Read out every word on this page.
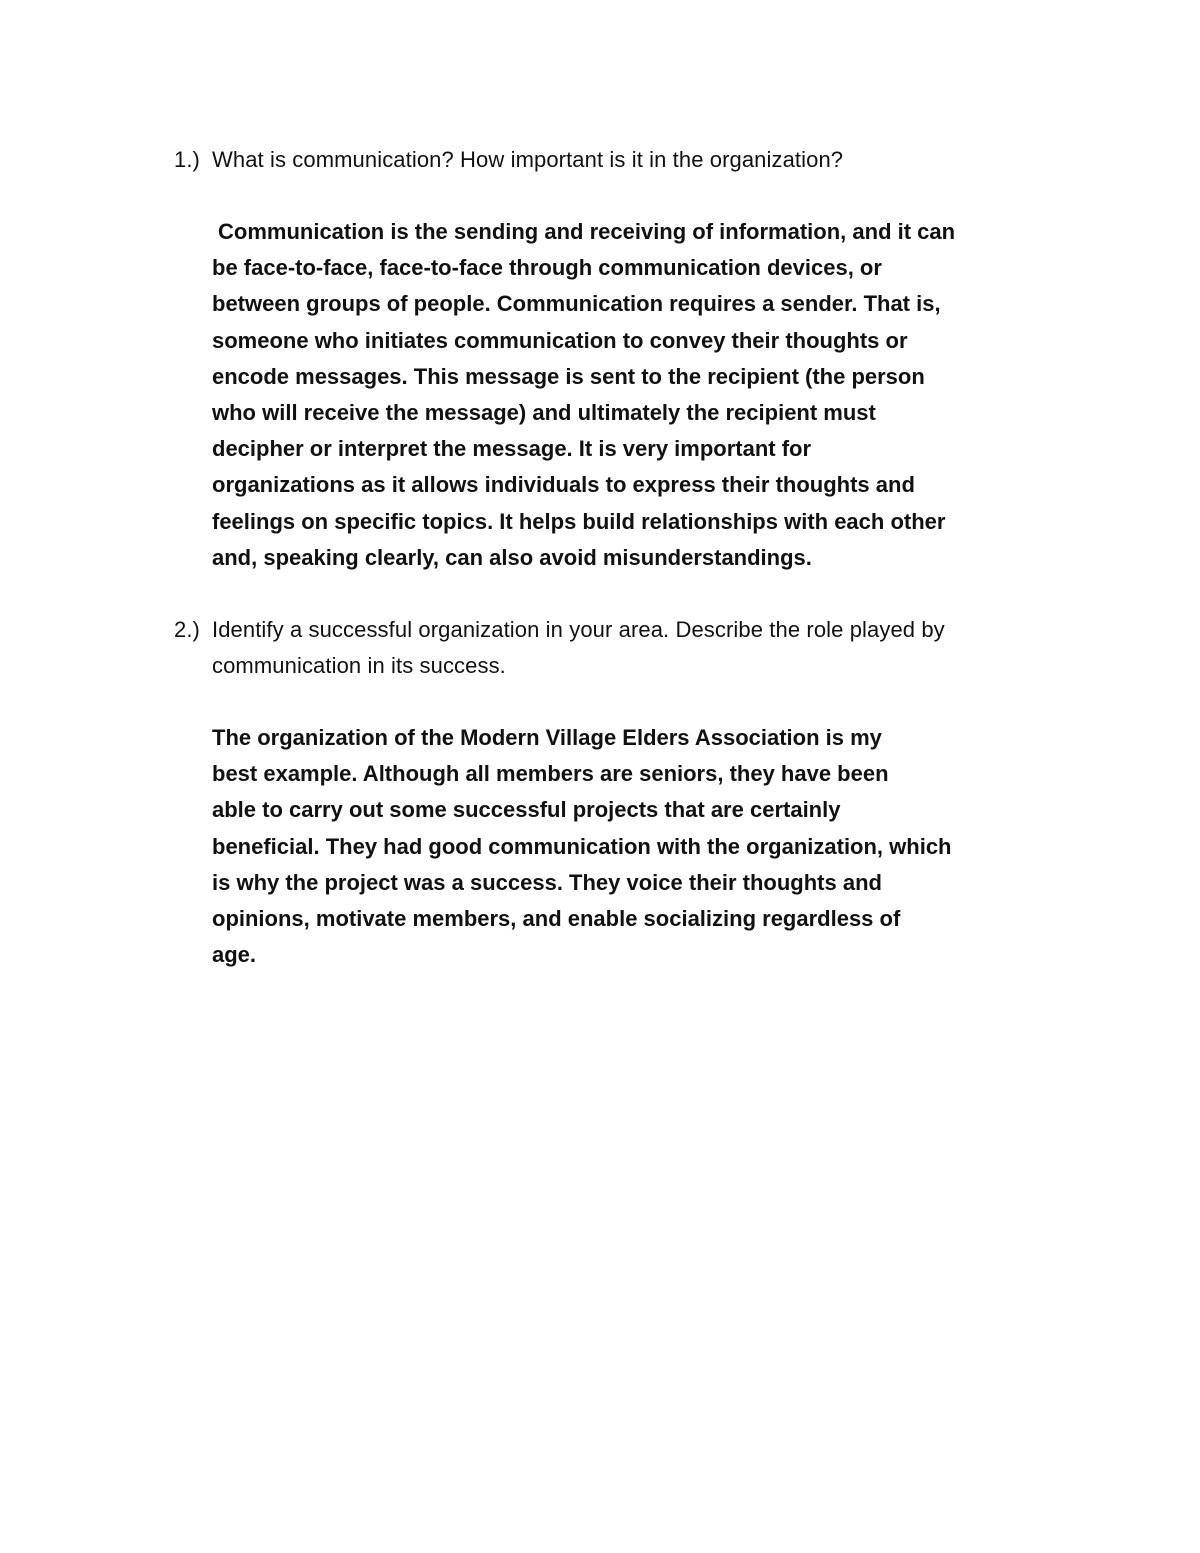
1.) What is communication? How important is it in the organization?
Communication is the sending and receiving of information, and it can
be face-to-face, face-to-face through communication devices, or
between groups of people. Communication requires a sender. That is,
someone who initiates communication to convey their thoughts or
encode messages. This message is sent to the recipient (the person
who will receive the message) and ultimately the recipient must
decipher or interpret the message. It is very important for
organizations as it allows individuals to express their thoughts and
feelings on specific topics. It helps build relationships with each other
and, speaking clearly, can also avoid misunderstandings.
2.) Identify a successful organization in your area. Describe the role played by
communication in its success.
The organization of the Modern Village Elders Association is my
best example. Although all members are seniors, they have been
able to carry out some successful projects that are certainly
beneficial. They had good communication with the organization, which
is why the project was a success. They voice their thoughts and
opinions, motivate members, and enable socializing regardless of
age.
